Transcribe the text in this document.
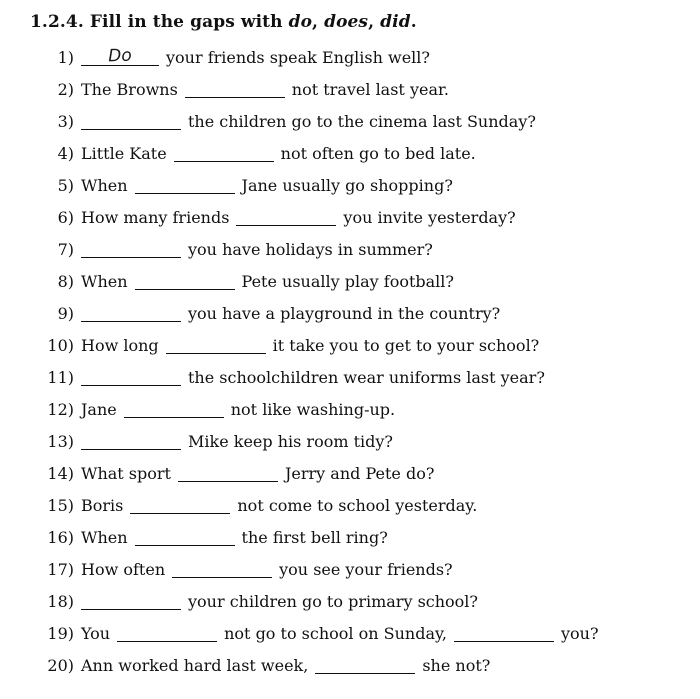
1.2.4. Fill in the gaps with do, does, did.
1)	Do	your friends speak English well?
2) The Browns	not travel last year.
3)	the children go to the cinema last Sunday?
4) Little Kate	not often go to bed late.
5) When	Jane usually go shopping?
6) How many friends	you invite yesterday?
7)	you have holidays in summer?
8) When	Pete usually play football?
9)	you have a playground in the country?
10) How long	it take you to get to your school?
11)	the schoolchildren wear uniforms last year?
12) Jane	not like washing-up.
13)	Mike keep his room tidy?
14) What sport	Jerry and Pete do?
15) Boris	not come to school yesterday.
16) When	the first bell ring?
17) How often	you see your friends?
18)	your children go to primary school?
19) You	not go to school on Sunday,	you?
20) Ann worked hard last week,	she not?
